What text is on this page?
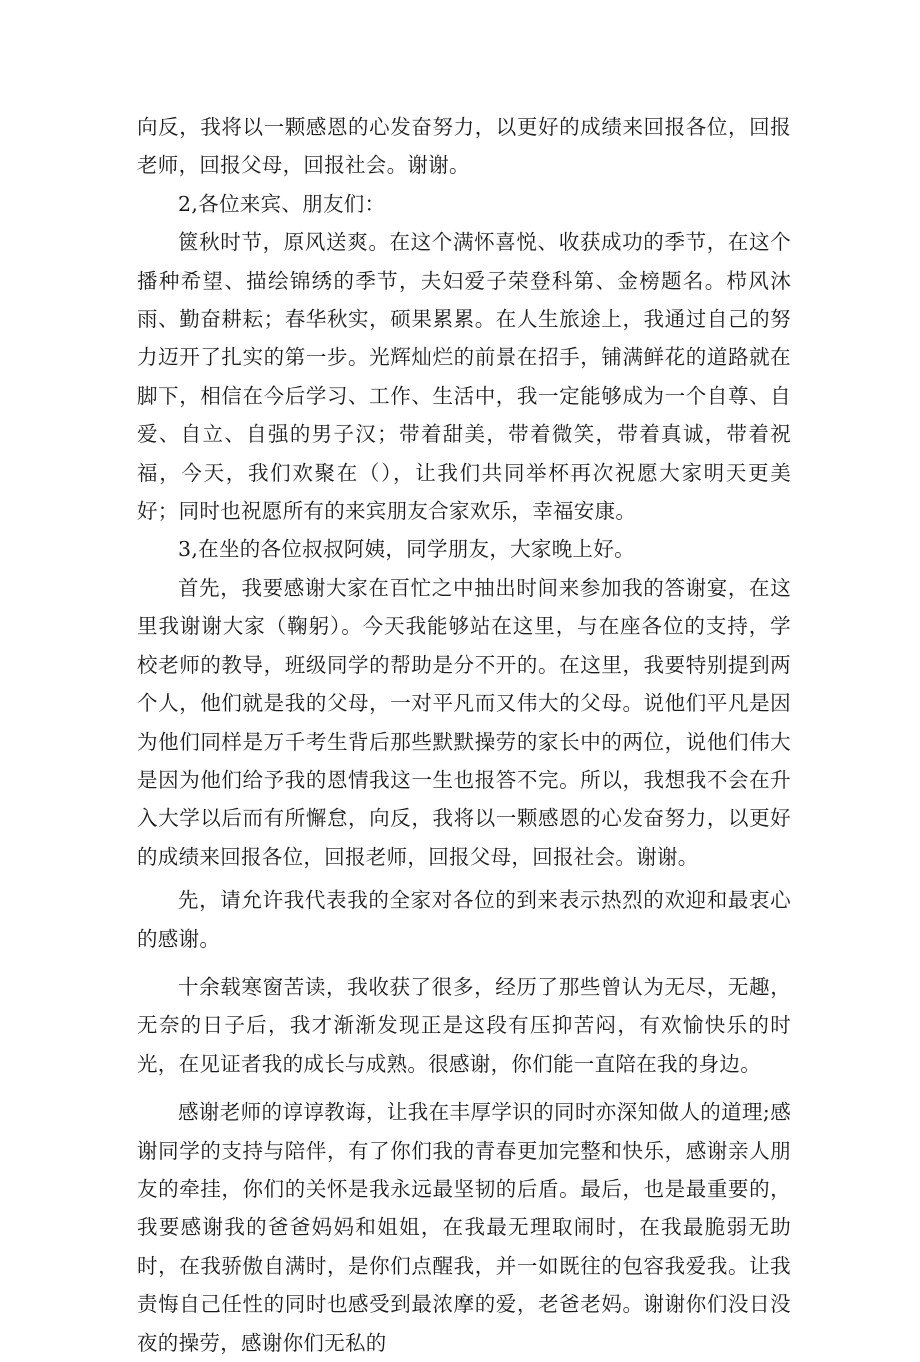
向反，我将以一颗感恩的心发奋努力，以更好的成绩来回报各位，回报老师，回报父母，回报社会。谢谢。

2,各位来宾、朋友们：

篋秋时节，原风送爽。在这个满怀喜悦、收获成功的季节，在这个播种希望、描绘锦绣的季节，夫妇爱子荣登科第、金榜题名。栉风沐雨、勤奋耕耘；春华秋实，硕果累累。在人生旅途上，我通过自己的努力迈开了扎实的第一步。光辉灿烂的前景在招手，铺满鲜花的道路就在脚下，相信在今后学习、工作、生活中，我一定能够成为一个自尊、自爱、自立、自强的男子汉；带着甜美，带着微笑，带着真诚，带着祝福，今天，我们欢聚在（），让我们共同举杯再次祝愿大家明天更美好；同时也祝愿所有的来宾朋友合家欢乐，幸福安康。

3,在坐的各位叔叔阿姨，同学朋友，大家晚上好。

首先，我要感谢大家在百忙之中抽出时间来参加我的答谢宴，在这里我谢谢大家（鞠躬）。今天我能够站在这里，与在座各位的支持，学校老师的教导，班级同学的帮助是分不开的。在这里，我要特别提到两个人，他们就是我的父母，一对平凡而又伟大的父母。说他们平凡是因为他们同样是万千考生背后那些默默操劳的家长中的两位，说他们伟大是因为他们给予我的恩情我这一生也报答不完。所以，我想我不会在升入大学以后而有所懈怠，向反，我将以一颗感恩的心发奋努力，以更好的成绩来回报各位，回报老师，回报父母，回报社会。谢谢。

先，请允许我代表我的全家对各位的到来表示热烈的欢迎和最衷心的感谢。

十余载寒窗苦读，我收获了很多，经历了那些曾认为无尽，无趣，无奈的日子后，我才渐渐发现正是这段有压抑苦闷，有欢愉快乐的时光，在见证者我的成长与成熟。很感谢，你们能一直陪在我的身边。

感谢老师的谆谆教诲，让我在丰厚学识的同时亦深知做人的道理;感谢同学的支持与陪伴，有了你们我的青春更加完整和快乐，感谢亲人朋友的牵挂，你们的关怀是我永远最坚韧的后盾。最后，也是最重要的，我要感谢我的爸爸妈妈和姐姐，在我最无理取闹时，在我最脆弱无助时，在我骄傲自满时，是你们点醒我，并一如既往的包容我爱我。让我责悔自己任性的同时也感受到最浓摩的爱，老爸老妈。谢谢你们没日没夜的操劳，感谢你们无私的
